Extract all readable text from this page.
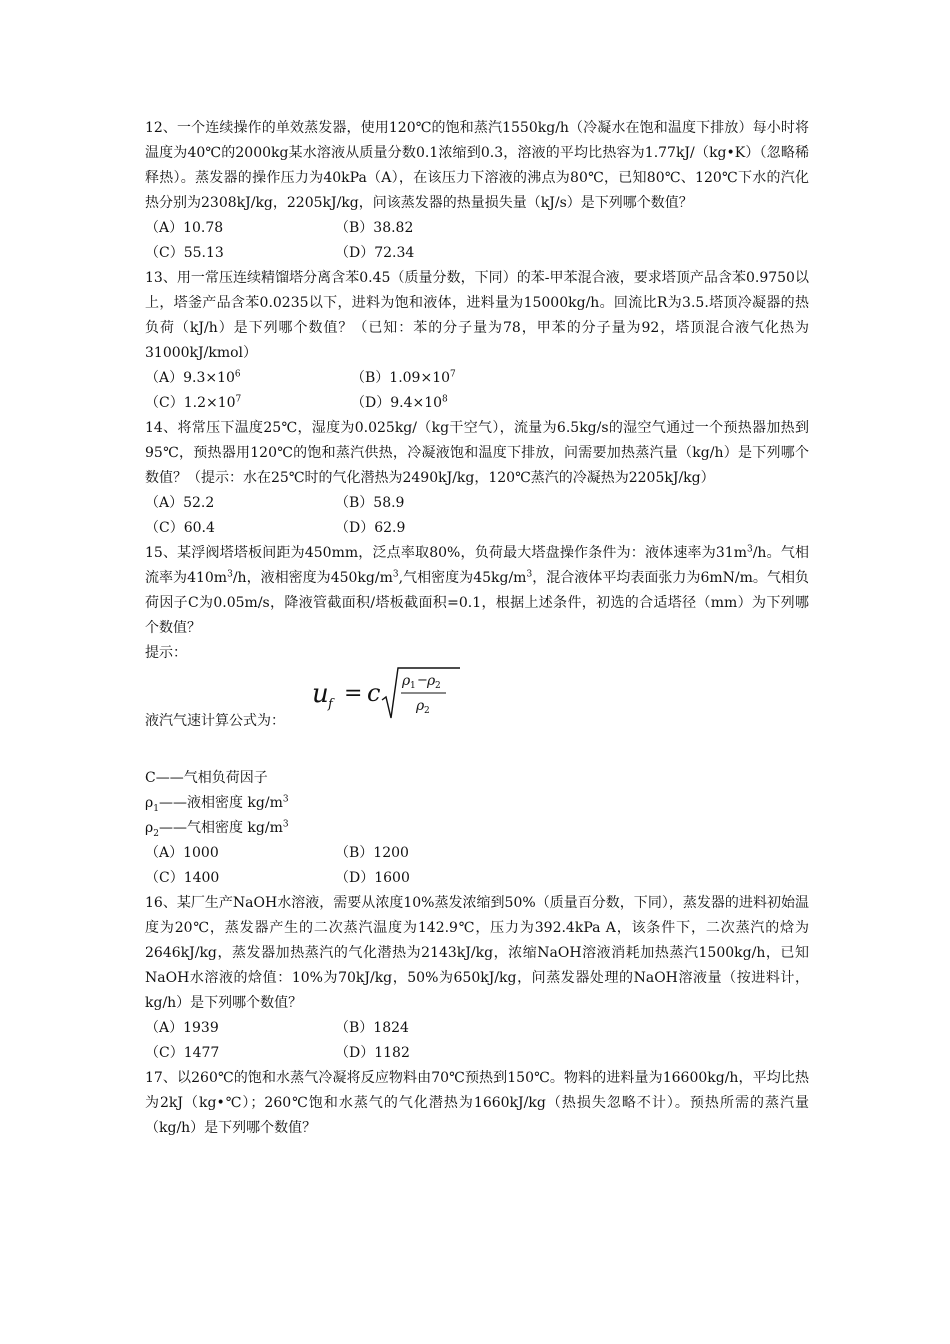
12、一个连续操作的单效蒸发器，使用120℃的饱和蒸汽1550kg/h（冷凝水在饱和温度下排放）每小时将温度为40℃的2000kg某水溶液从质量分数0.1浓缩到0.3，溶液的平均比热容为1.77kJ/（kg•K）（忽略稀释热）。蒸发器的操作压力为40kPa（A），在该压力下溶液的沸点为80℃，已知80℃、120℃下水的汽化热分别为2308kJ/kg，2205kJ/kg，问该蒸发器的热量损失量（kJ/s）是下列哪个数值？

（A）10.78	（B）38.82
（C）55.13	（D）72.34

13、用一常压连续精馏塔分离含苯0.45（质量分数，下同）的苯-甲苯混合液，要求塔顶产品含苯0.9750以上，塔釜产品含苯0.0235以下，进料为饱和液体，进料量为15000kg/h。回流比R为3.5.塔顶冷凝器的热负荷（kJ/h）是下列哪个数值？（已知：苯的分子量为78，甲苯的分子量为92，塔顶混合液气化热为31000kJ/kmol）

$(A)9.3\times 10^6$	$(B)1.09\times 10^7$
$(C)1.2\times 10^7$	$(D)9.4\times 10^8$

14、将常压下温度25℃，湿度为0.025kg/（kg干空气），流量为6.5kg/s的湿空气通过一个预热器加热到95℃，预热器用120℃的饱和蒸汽供热，冷凝液饱和温度下排放，问需要加热蒸汽量（kg/h）是下列哪个数值？（提示：水在25℃时的气化潜热为2490kJ/kg，120℃蒸汽的冷凝热为2205kJ/kg）

（A）52.2	（B）58.9
（C）60.4	（D）62.9

15、某浮阀塔塔板间距为450mm，泛点率取80%，负荷最大塔盘操作条件为：液体速率为$31m^3/h$。气相流率为$410m^3/h$，液相密度为$450kg/m^3$,气相密度为$45kg/m^3$，混合液体平均表面张力为6mN/m。气相负荷因子C为0.05m/s，降液管截面积/塔板截面积=0.1，根据上述条件，初选的合适塔径（mm）为下列哪个数值？

提示：
液汽气速计算公式为：
u f = c ρ 1 − ρ 2
ρ 2
C——气相负荷因子
$\rho_1——$液相密度 $kg/m^3$
$\rho_2——$气相密度 $kg/m^3$
（A）1000	（B）1200
（C）1400	（D）1600

16、某厂生产NaOH水溶液，需要从浓度10%蒸发浓缩到50%（质量百分数，下同），蒸发器的进料初始温度为20℃，蒸发器产生的二次蒸汽温度为142.9℃，压力为392.4kPa A，该条件下，二次蒸汽的焓为2646kJ/kg，蒸发器加热蒸汽的气化潜热为2143kJ/kg，浓缩NaOH溶液消耗加热蒸汽1500kg/h，已知NaOH水溶液的焓值：10%为70kJ/kg，50%为650kJ/kg，问蒸发器处理的NaOH溶液量（按进料计，kg/h）是下列哪个数值？

（A）1939	（B）1824
（C）1477	（D）1182

17、以260℃的饱和水蒸气冷凝将反应物料由70℃预热到150℃。物料的进料量为16600kg/h，平均比热为2kJ（kg•℃）；260℃饱和水蒸气的气化潜热为1660kJ/kg（热损失忽略不计）。预热所需的蒸汽量（kg/h）是下列哪个数值？
